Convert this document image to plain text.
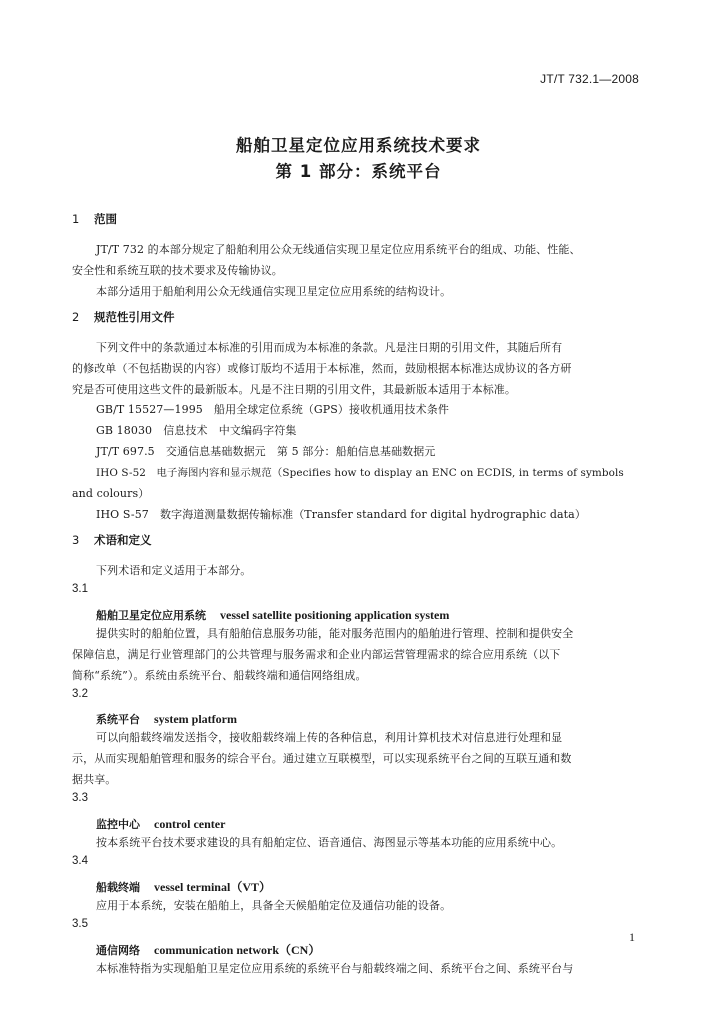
JT/T 732.1—2008
船舶卫星定位应用系统技术要求
第 1 部分：系统平台
1 范围
JT/T 732 的本部分规定了船舶利用公众无线通信实现卫星定位应用系统平台的组成、功能、性能、
安全性和系统互联的技术要求及传输协议。
本部分适用于船舶利用公众无线通信实现卫星定位应用系统的结构设计。
2 规范性引用文件
下列文件中的条款通过本标准的引用而成为本标准的条款。凡是注日期的引用文件，其随后所有
的修改单（不包括勘误的内容）或修订版均不适用于本标准，然而，鼓励根据本标准达成协议的各方研
究是否可使用这些文件的最新版本。凡是不注日期的引用文件，其最新版本适用于本标准。
GB/T 15527—1995　船用全球定位系统（GPS）接收机通用技术条件
GB 18030　信息技术　中文编码字符集
JT/T 697.5　交通信息基础数据元　第 5 部分：船舶信息基础数据元
IHO S-52　电子海图内容和显示规范（Specifies how to display an ENC on ECDIS, in terms of symbols
and colours）
IHO S-57　数字海道测量数据传输标准（Transfer standard for digital hydrographic data）
3 术语和定义
下列术语和定义适用于本部分。
3.1
船舶卫星定位应用系统 vessel satellite positioning application system
提供实时的船舶位置，具有船舶信息服务功能，能对服务范围内的船舶进行管理、控制和提供安全
保障信息，满足行业管理部门的公共管理与服务需求和企业内部运营管理需求的综合应用系统（以下
简称“系统”）。系统由系统平台、船载终端和通信网络组成。
3.2
系统平台 system platform
可以向船载终端发送指令，接收船载终端上传的各种信息，利用计算机技术对信息进行处理和显
示，从而实现船舶管理和服务的综合平台。通过建立互联模型，可以实现系统平台之间的互联互通和数
据共享。
3.3
监控中心 control center
按本系统平台技术要求建设的具有船舶定位、语音通信、海图显示等基本功能的应用系统中心。
3.4
船载终端 vessel terminal（VT）
应用于本系统，安装在船舶上，具备全天候船舶定位及通信功能的设备。
3.5
通信网络 communication network（CN）
本标准特指为实现船舶卫星定位应用系统的系统平台与船载终端之间、系统平台之间、系统平台与
1
